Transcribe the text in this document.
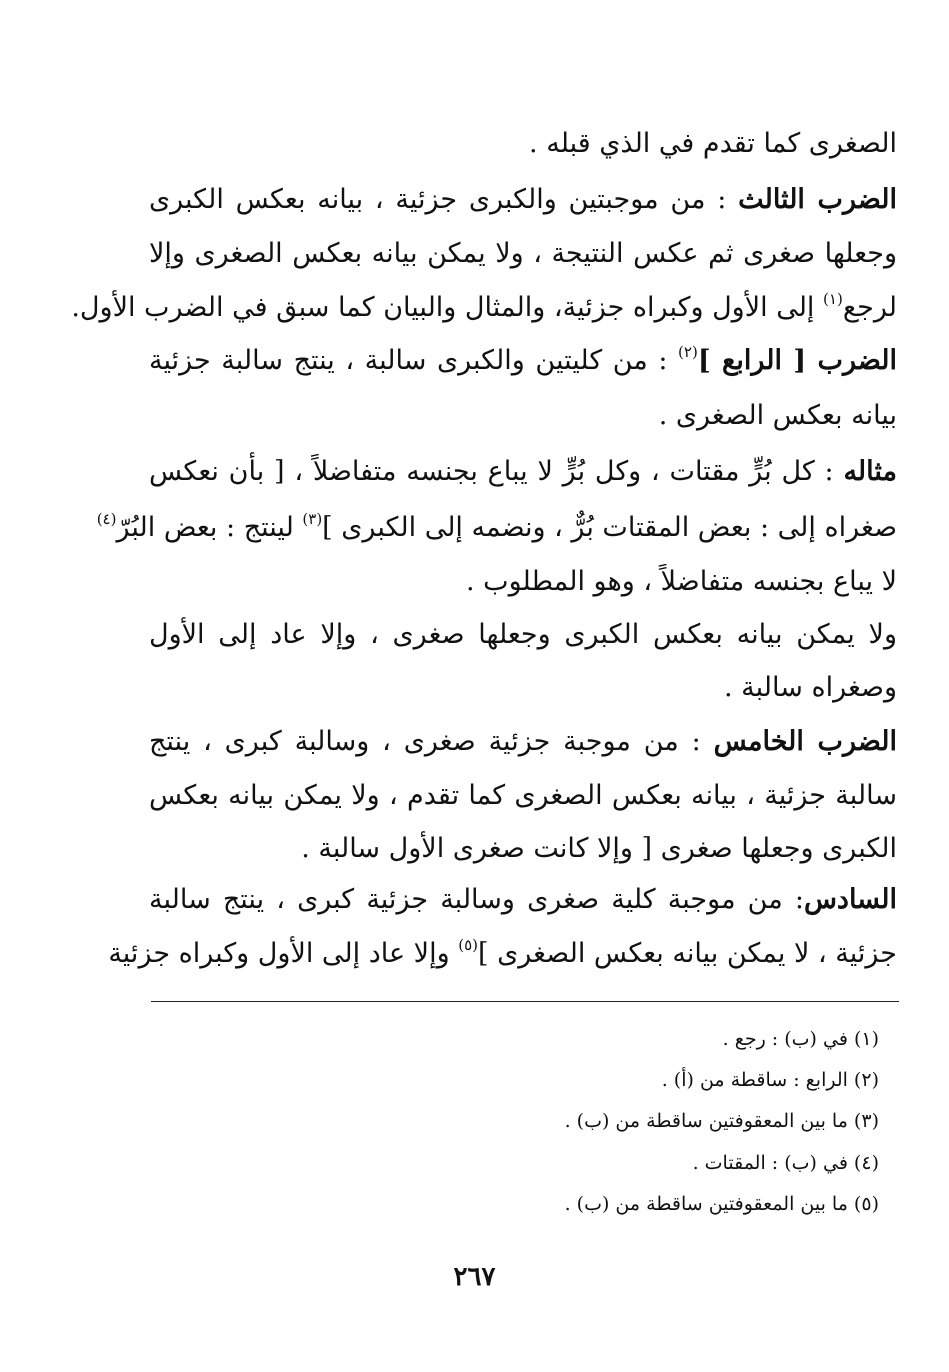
الصغرى كما تقدم في الذي قبله .
الضرب الثالث : من موجبتين والكبرى جزئية ، بيانه بعكس الكبرى
وجعلها صغرى ثم عكس النتيجة ، ولا يمكن بيانه بعكس الصغرى وإلا
لرجع$^{(١)}$ إلى الأول وكبراه جزئية، والمثال والبيان كما سبق في الضرب الأول.
الضرب [ الرابع ]$^{(٢)}$ : من كليتين والكبرى سالبة ، ينتج سالبة جزئية
بيانه بعكس الصغرى .
مثاله : كل بُرٍّ مقتات ، وكل بُرٍّ لا يباع بجنسه متفاضلاً ، [ بأن نعكس
صغراه إلى : بعض المقتات بُرٌّ ، ونضمه إلى الكبرى ]$^{(٣)}$ لينتج : بعض البُرّ$^{(٤)}$
لا يباع بجنسه متفاضلاً ، وهو المطلوب .
ولا يمكن بيانه بعكس الكبرى وجعلها صغرى ، وإلا عاد إلى الأول
وصغراه سالبة .
الضرب الخامس : من موجبة جزئية صغرى ، وسالبة كبرى ، ينتج
سالبة جزئية ، بيانه بعكس الصغرى كما تقدم ، ولا يمكن بيانه بعكس
الكبرى وجعلها صغرى [ وإلا كانت صغرى الأول سالبة .
السادس: من موجبة كلية صغرى وسالبة جزئية كبرى ، ينتج سالبة
جزئية ، لا يمكن بيانه بعكس الصغرى ]$^{(٥)}$ وإلا عاد إلى الأول وكبراه جزئية
(١) في (ب) : رجع .
(٢) الرابع : ساقطة من (أ) .
(٣) ما بين المعقوفتين ساقطة من (ب) .
(٤) في (ب) : المقتات .
(٥) ما بين المعقوفتين ساقطة من (ب) .
٢٦٧
